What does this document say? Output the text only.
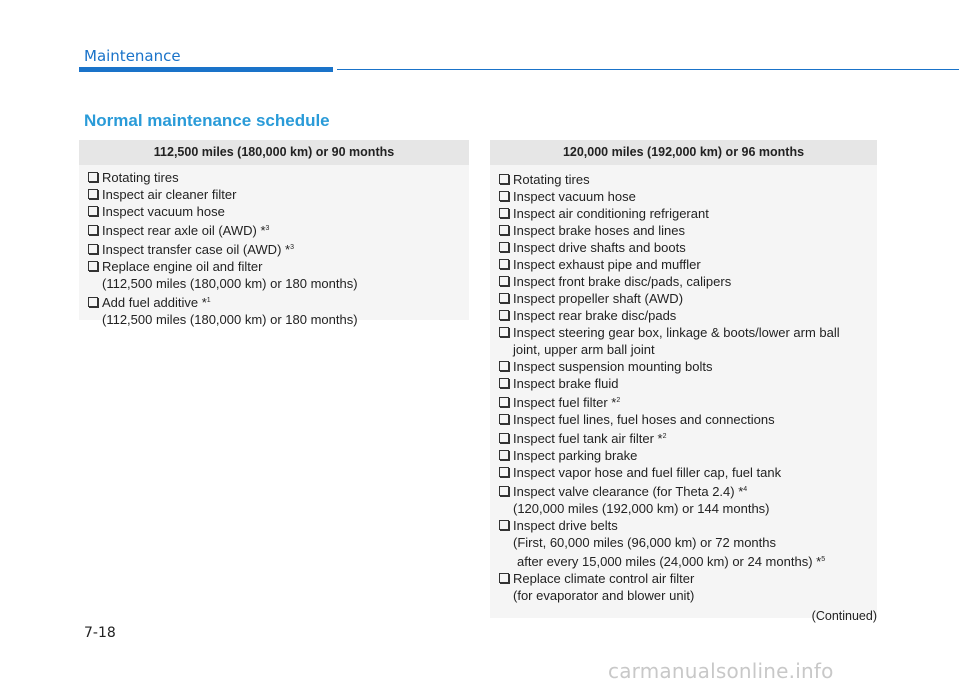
Maintenance
Normal maintenance schedule
112,500 miles (180,000 km) or 90 months
Rotating tires
Inspect air cleaner filter
Inspect vacuum hose
Inspect rear axle oil (AWD) *$^3$
Inspect transfer case oil (AWD) *$^3$
Replace engine oil and filter
(112,500 miles (180,000 km) or 180 months)
Add fuel additive *$^1$
(112,500 miles (180,000 km) or 180 months)
120,000 miles (192,000 km) or 96 months
Rotating tires
Inspect vacuum hose
Inspect air conditioning refrigerant
Inspect brake hoses and lines
Inspect drive shafts and boots
Inspect exhaust pipe and muffler
Inspect front brake disc/pads, calipers
Inspect propeller shaft (AWD)
Inspect rear brake disc/pads
Inspect steering gear box, linkage & boots/lower arm ball
joint, upper arm ball joint
Inspect suspension mounting bolts
Inspect brake fluid
Inspect fuel filter *$^2$
Inspect fuel lines, fuel hoses and connections
Inspect fuel tank air filter *$^2$
Inspect parking brake
Inspect vapor hose and fuel filler cap, fuel tank
Inspect valve clearance (for Theta 2.4) *$^4$
(120,000 miles (192,000 km) or 144 months)
Inspect drive belts
(First, 60,000 miles (96,000 km) or 72 months
after every 15,000 miles (24,000 km) or 24 months) *$^5$
Replace climate control air filter
(for evaporator and blower unit)
(Continued)
7-18
carmanualsonline.info
